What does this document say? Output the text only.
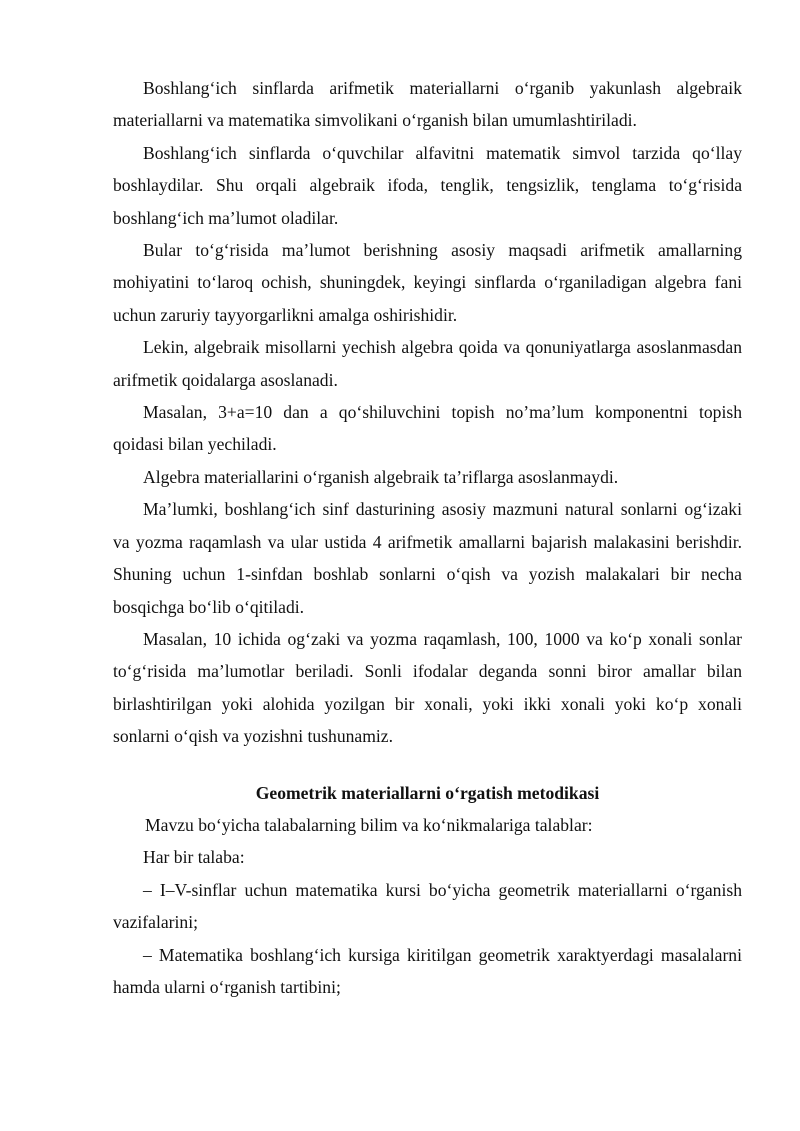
Boshlang‘ich sinflarda arifmetik materiallarni o‘rganib yakunlash algebraik materiallarni va matematika simvolikani o‘rganish bilan umumlashtiriladi.

Boshlang‘ich sinflarda o‘quvchilar alfavitni matematik simvol tarzida qo‘llay boshlaydilar. Shu orqali algebraik ifoda, tenglik, tengsizlik, tenglama to‘g‘risida boshlang‘ich ma’lumot oladilar.

Bular to‘g‘risida ma’lumot berishning asosiy maqsadi arifmetik amallarning mohiyatini to‘laroq ochish, shuningdek, keyingi sinflarda o‘rganiladigan algebra fani uchun zaruriy tayyorgarlikni amalga oshirishidir.

Lekin, algebraik misollarni yechish algebra qoida va qonuniyatlarga asoslanmasdan arifmetik qoidalarga asoslanadi.

Masalan, 3+a=10 dan a qo‘shiluvchini topish no’ma’lum komponentni topish qoidasi bilan yechiladi.

Algebra materiallarini o‘rganish algebraik ta’riflarga asoslanmaydi.

Ma’lumki, boshlang‘ich sinf dasturining asosiy mazmuni natural sonlarni og‘izaki va yozma raqamlash va ular ustida 4 arifmetik amallarni bajarish malakasini berishdir. Shuning uchun 1-sinfdan boshlab sonlarni o‘qish va yozish malakalari bir necha bosqichga bo‘lib o‘qitiladi.

Masalan, 10 ichida og‘zaki va yozma raqamlash, 100, 1000 va ko‘p xonali sonlar to‘g‘risida ma’lumotlar beriladi. Sonli ifodalar deganda sonni biror amallar bilan birlashtirilgan yoki alohida yozilgan bir xonali, yoki ikki xonali yoki ko‘p xonali sonlarni o‘qish va yozishni tushunamiz.

Geometrik materiallarni o‘rgatish metodikasi

Mavzu bo‘yicha talabalarning bilim va ko‘nikmalariga talablar:

Har bir talaba:

– I–V-sinflar uchun matematika kursi bo‘yicha geometrik materiallarni o‘rganish vazifalarini;

– Matematika boshlang‘ich kursiga kiritilgan geometrik xaraktyerdagi masalalarni hamda ularni o‘rganish tartibini;
